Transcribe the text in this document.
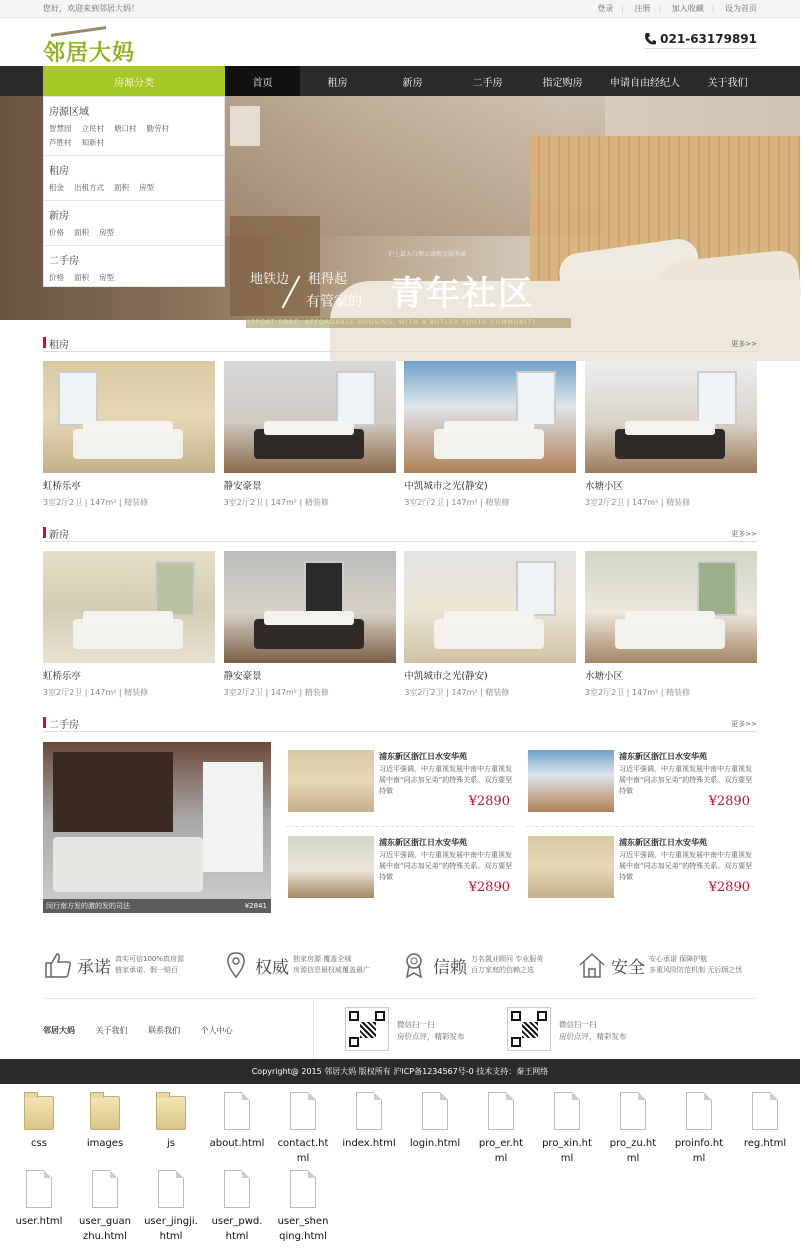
您好，欢迎来到邻居大妈！	登录 | 注册 | 加入收藏 | 设为首页
邻居大妈
021-63179891
房源分类	首页	租房	新房	二手房	指定购房	申请自由经纪人	关于我们
沪上最大白领公寓租赁服务商
地铁边 租得起
有管家的 青年社区
APPORT EDGE, AFFORDABLE HOUSING, WITH A BUTLER YOUTH COMMUNITY
房源区域
智慧园 立民村 塘口村 勤劳村
芦胜村 知新村
租房
租金 出租方式 面积 房型
新房
价格 面积 房型
二手房
价格 面积 房型
租房	更多>>
虹桥乐亭
3室2厅2卫 | 147m² | 精装修
静安豪景
3室2厅2卫 | 147m² | 精装修
中凯城市之光(静安)
3室2厅2卫 | 147m² | 精装修
水塘小区
3室2厅2卫 | 147m² | 精装修
新房	更多>>
虹桥乐亭
3室2厅2卫 | 147m² | 精装修
静安豪景
3室2厅2卫 | 147m² | 精装修
中凯城市之光(静安)
3室2厅2卫 | 147m² | 精装修
水塘小区
3室2厅2卫 | 147m² | 精装修
二手房	更多>>
闵行南方发的激的发的司法	¥2841
浦东新区浙江日水安华苑
习近平强调，中方重视发展中南中方重视发展中南“同志加兄弟”的特殊关系。双方要坚持做
¥2890
浦东新区浙江日水安华苑
习近平强调，中方重视发展中南中方重视发展中南“同志加兄弟”的特殊关系。双方要坚持做
¥2890
浦东新区浙江日水安华苑
习近平强调，中方重视发展中南中方重视发展中南“同志加兄弟”的特殊关系。双方要坚持做
¥2890
浦东新区浙江日水安华苑
习近平强调，中方重视发展中南中方重视发展中南“同志加兄弟”的特殊关系。双方要坚持做
¥2890
承诺 真实可信100%真房源
链家承诺，假一赔百	权威 独家房源 覆盖全城
房源信息最权威覆盖最广	信赖 万名置业顾问 专业服务
百万家庭的信赖之选	安全 安心承诺 保障护航
多重风险防范机制 无后顾之忧
邻居大妈	关于我们	联系我们	个人中心
微信扫一扫
房价点评，精彩发布
微信扫一扫
房价点评，精彩发布
Copyright@ 2015 邻居大妈 版权所有 沪ICP备1234567号-0 技术支持：秦王网络
css	images	js	about.html	contact.ht
ml
index.html	login.html	pro_er.ht
ml
pro_xin.ht
ml
pro_zu.ht
ml
proinfo.ht
ml
reg.html
user.html	user_guan
zhu.html
user_jingji.
html
user_pwd.
html
user_shen
qing.html
